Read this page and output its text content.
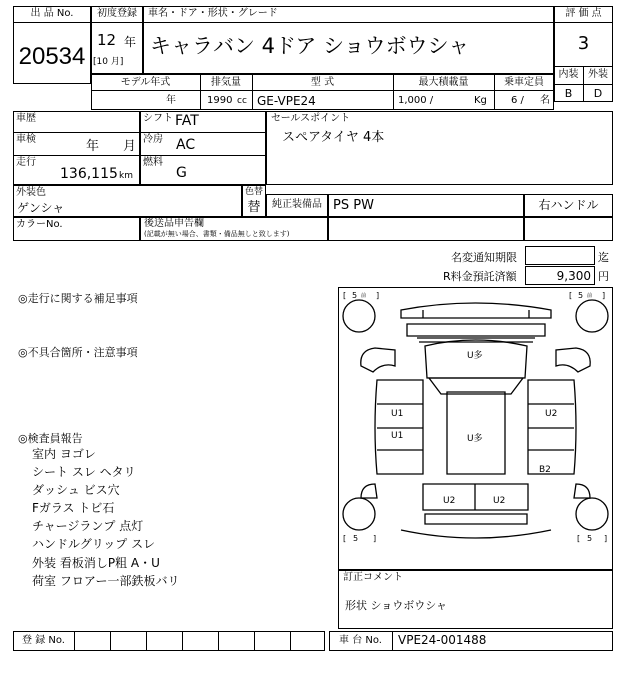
出 品 No.
20534
初度登録
12 年
[10 月]
車名・ドア・形状・グレード
キャラバン 4ドア ショウボウシャ
評 価 点
3
内装 外装
B	D
モデル年式
年
排気量
1990 cc
型 式
GE-VPE24
最大積載量
1,000 /	Kg
乗車定員
6 / 名
車歴
車検	年 月
走行
136,115 km
シフト FAT
冷房 AC
燃料
G
セールスポイント
スペアタイヤ 4本
外装色
ゲンシャ
色替
替	純正装備品 PS PW	右ハンドル
カラーNo.	後送品申告欄
(記載が無い場合、書類・備品無しと致します)
名変通知期限	迄
R料金預託済額	9,300 円
◎走行に関する補足事項
◎不具合箇所・注意事項
◎検査員報告
室内 ヨゴレ
シート スレ ヘタリ
ダッシュ ビス穴
Fガラス トビ石
チャージランプ 点灯
ハンドルグリップ スレ
外装 看板消しP粗 A・U
荷室 フロアー一部鉄板バリ
[ 5 前 ]	[ 5 前 ]
[ 5 ]	[ 5 ]
U多
U1
U1
U2
B2
U多
U2	U2
訂正コメント
形状 ショウボウシャ
登 録 No.	車 台 No.	VPE24-001488
